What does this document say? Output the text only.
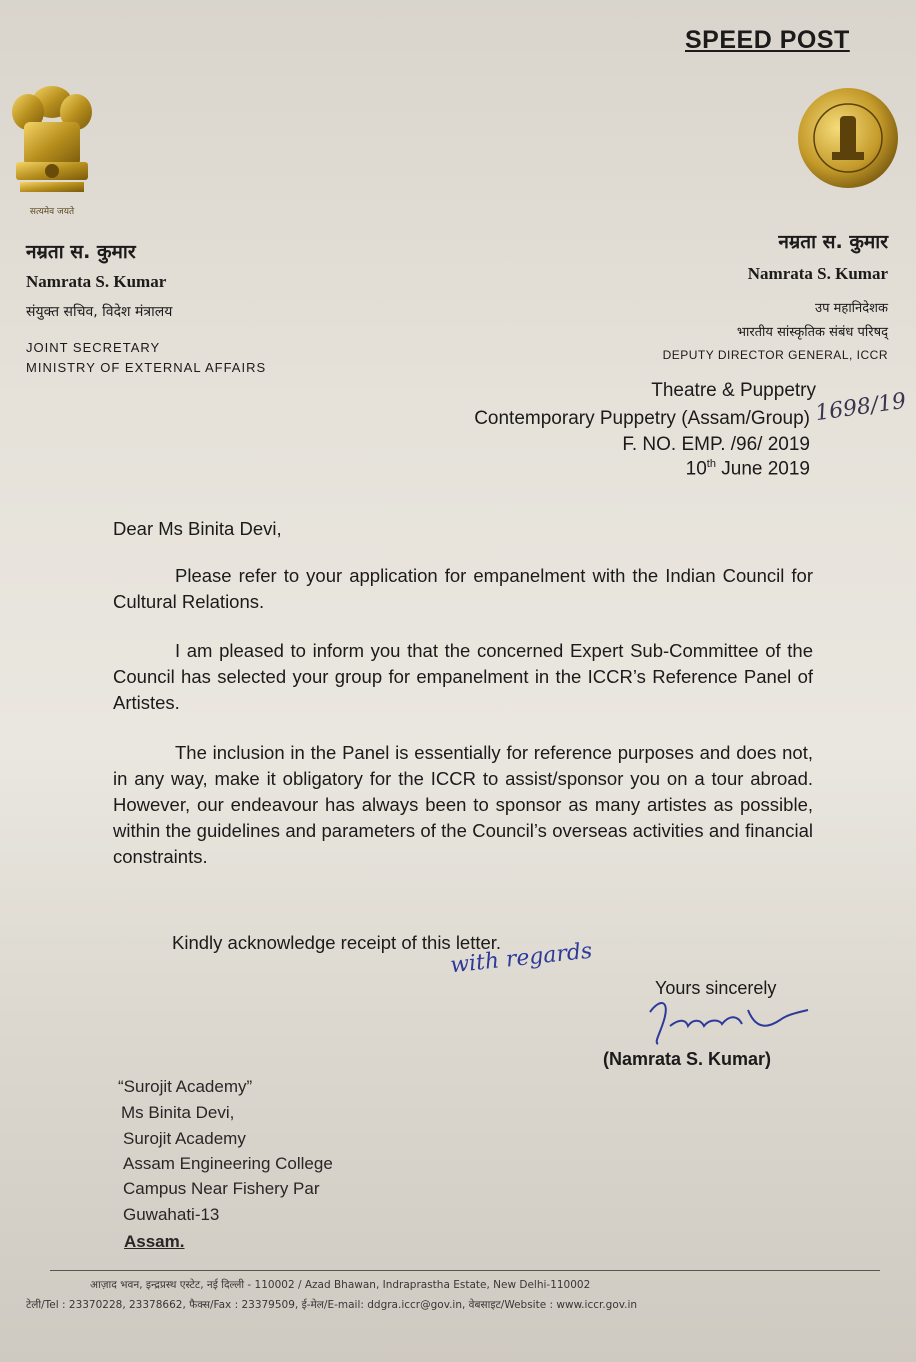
SPEED POST
सत्यमेव जयते
नम्रता स. कुमार
Namrata S. Kumar
संयुक्त सचिव, विदेश मंत्रालय
JOINT SECRETARY
MINISTRY OF EXTERNAL AFFAIRS
नम्रता स. कुमार
Namrata S. Kumar
उप महानिदेशक
भारतीय सांस्कृतिक संबंध परिषद्
DEPUTY DIRECTOR GENERAL, ICCR
Theatre & Puppetry
Contemporary Puppetry (Assam/Group) 1698/19
F. NO. EMP. /96/ 2019
10th June 2019
Dear Ms Binita Devi,
Please refer to your application for empanelment with the Indian Council for Cultural Relations.
I am pleased to inform you that the concerned Expert Sub-Committee of the Council has selected your group for empanelment in the ICCR’s Reference Panel of Artistes.
The inclusion in the Panel is essentially for reference purposes and does not, in any way, make it obligatory for the ICCR to assist/sponsor you on a tour abroad. However, our endeavour has always been to sponsor as many artistes as possible, within the guidelines and parameters of the Council’s overseas activities and financial constraints.
Kindly acknowledge receipt of this letter.
with regards
Yours sincerely
(Namrata S. Kumar)
“Surojit Academy”
Ms Binita Devi,
Surojit Academy
Assam Engineering College
Campus Near Fishery Par
Guwahati-13
Assam.
आज़ाद भवन, इन्द्रप्रस्थ एस्टेट, नई दिल्ली - 110002 / Azad Bhawan, Indraprastha Estate, New Delhi-110002
टेली/Tel : 23370228, 23378662, फैक्स/Fax : 23379509, ई-मेल/E-mail: ddgra.iccr@gov.in, वेबसाइट/Website : www.iccr.gov.in
